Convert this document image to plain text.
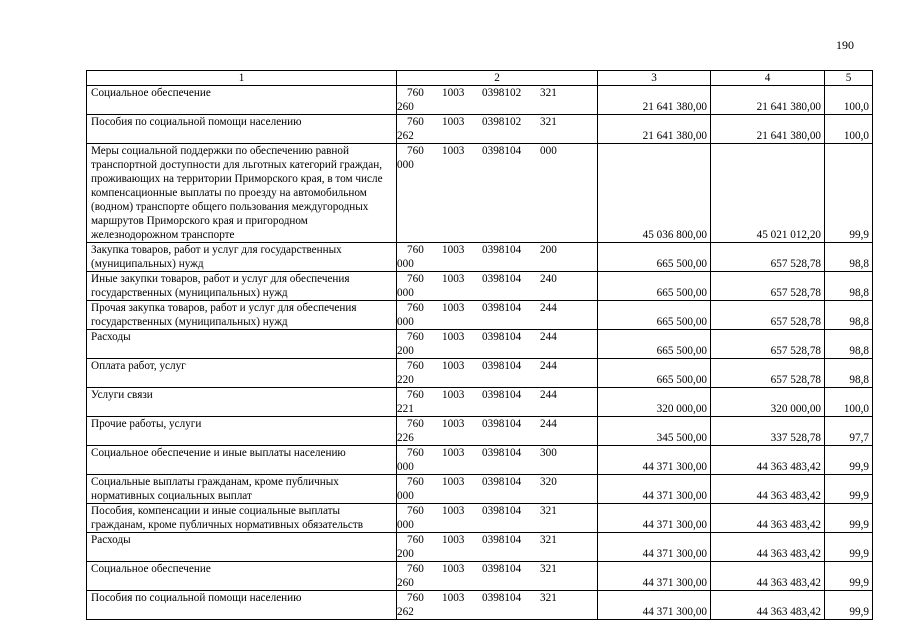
190
1	2	3	4	5
Социальное обеспечение	760 1003 0398102 321260	21 641 380,00	21 641 380,00	100,0
Пособия по социальной помощи населению	760 1003 0398102 321262	21 641 380,00	21 641 380,00	100,0
Меры социальной поддержки по обеспечению равной транспортной доступности для льготных категорий граждан, проживающих на территории Приморского края, в том числе компенсационные выплаты по проезду на автомобильном (водном) транспорте общего пользования междугородных маршрутов Приморского края и пригородном железнодорожном транспорте	760 1003 0398104 000000	45 036 800,00	45 021 012,20	99,9
Закупка товаров, работ и услуг для государственных (муниципальных) нужд	760 1003 0398104 200000	665 500,00	657 528,78	98,8
Иные закупки товаров, работ и услуг для обеспечения государственных (муниципальных) нужд	760 1003 0398104 240000	665 500,00	657 528,78	98,8
Прочая закупка товаров, работ и услуг для обеспечения государственных (муниципальных) нужд	760 1003 0398104 244000	665 500,00	657 528,78	98,8
Расходы	760 1003 0398104 244200	665 500,00	657 528,78	98,8
Оплата работ, услуг	760 1003 0398104 244220	665 500,00	657 528,78	98,8
Услуги связи	760 1003 0398104 244221	320 000,00	320 000,00	100,0
Прочие работы, услуги	760 1003 0398104 244226	345 500,00	337 528,78	97,7
Социальное обеспечение и иные выплаты населению	760 1003 0398104 300000	44 371 300,00	44 363 483,42	99,9
Социальные выплаты гражданам, кроме публичных нормативных социальных выплат	760 1003 0398104 320000	44 371 300,00	44 363 483,42	99,9
Пособия, компенсации и иные социальные выплаты гражданам, кроме публичных нормативных обязательств	760 1003 0398104 321000	44 371 300,00	44 363 483,42	99,9
Расходы	760 1003 0398104 321200	44 371 300,00	44 363 483,42	99,9
Социальное обеспечение	760 1003 0398104 321260	44 371 300,00	44 363 483,42	99,9
Пособия по социальной помощи населению	760 1003 0398104 321262	44 371 300,00	44 363 483,42	99,9
